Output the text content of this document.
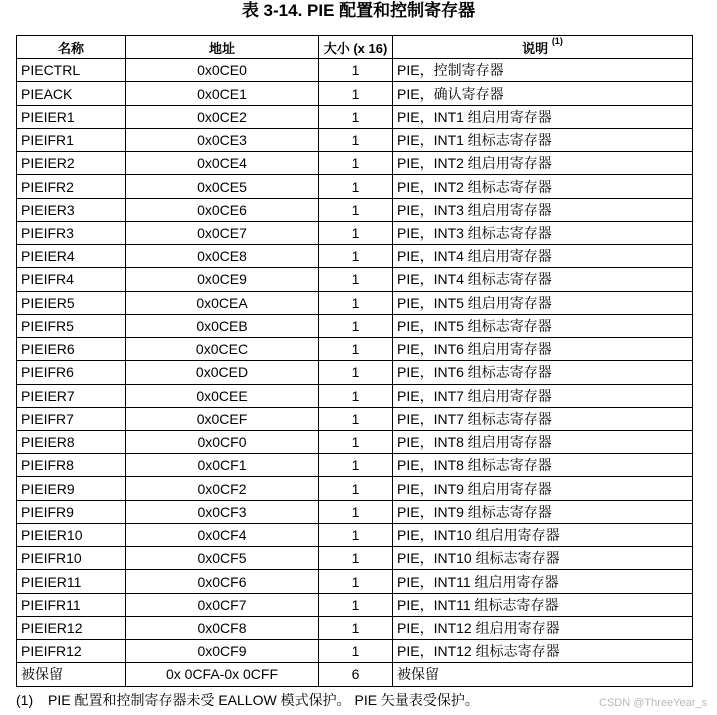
表 3-14. PIE 配置和控制寄存器
名称	地址	大小 (x 16)	说明 $^{(1)}$
PIECTRL	0x0CE0	1	PIE，控制寄存器
PIEACK	0x0CE1	1	PIE，确认寄存器
PIEIER1	0x0CE2	1	PIE，INT1 组启用寄存器
PIEIFR1	0x0CE3	1	PIE，INT1 组标志寄存器
PIEIER2	0x0CE4	1	PIE，INT2 组启用寄存器
PIEIFR2	0x0CE5	1	PIE，INT2 组标志寄存器
PIEIER3	0x0CE6	1	PIE，INT3 组启用寄存器
PIEIFR3	0x0CE7	1	PIE，INT3 组标志寄存器
PIEIER4	0x0CE8	1	PIE，INT4 组启用寄存器
PIEIFR4	0x0CE9	1	PIE，INT4 组标志寄存器
PIEIER5	0x0CEA	1	PIE，INT5 组启用寄存器
PIEIFR5	0x0CEB	1	PIE，INT5 组标志寄存器
PIEIER6	0x0CEC	1	PIE，INT6 组启用寄存器
PIEIFR6	0x0CED	1	PIE，INT6 组标志寄存器
PIEIER7	0x0CEE	1	PIE，INT7 组启用寄存器
PIEIFR7	0x0CEF	1	PIE，INT7 组标志寄存器
PIEIER8	0x0CF0	1	PIE，INT8 组启用寄存器
PIEIFR8	0x0CF1	1	PIE，INT8 组标志寄存器
PIEIER9	0x0CF2	1	PIE，INT9 组启用寄存器
PIEIFR9	0x0CF3	1	PIE，INT9 组标志寄存器
PIEIER10	0x0CF4	1	PIE，INT10 组启用寄存器
PIEIFR10	0x0CF5	1	PIE，INT10 组标志寄存器
PIEIER11	0x0CF6	1	PIE，INT11 组启用寄存器
PIEIFR11	0x0CF7	1	PIE，INT11 组标志寄存器
PIEIER12	0x0CF8	1	PIE，INT12 组启用寄存器
PIEIFR12	0x0CF9	1	PIE，INT12 组标志寄存器
被保留	0x 0CFA-0x 0CFF	6	被保留
(1) PIE 配置和控制寄存器未受 EALLOW 模式保护。 PIE 矢量表受保护。	CSDN @ThreeYear_s
